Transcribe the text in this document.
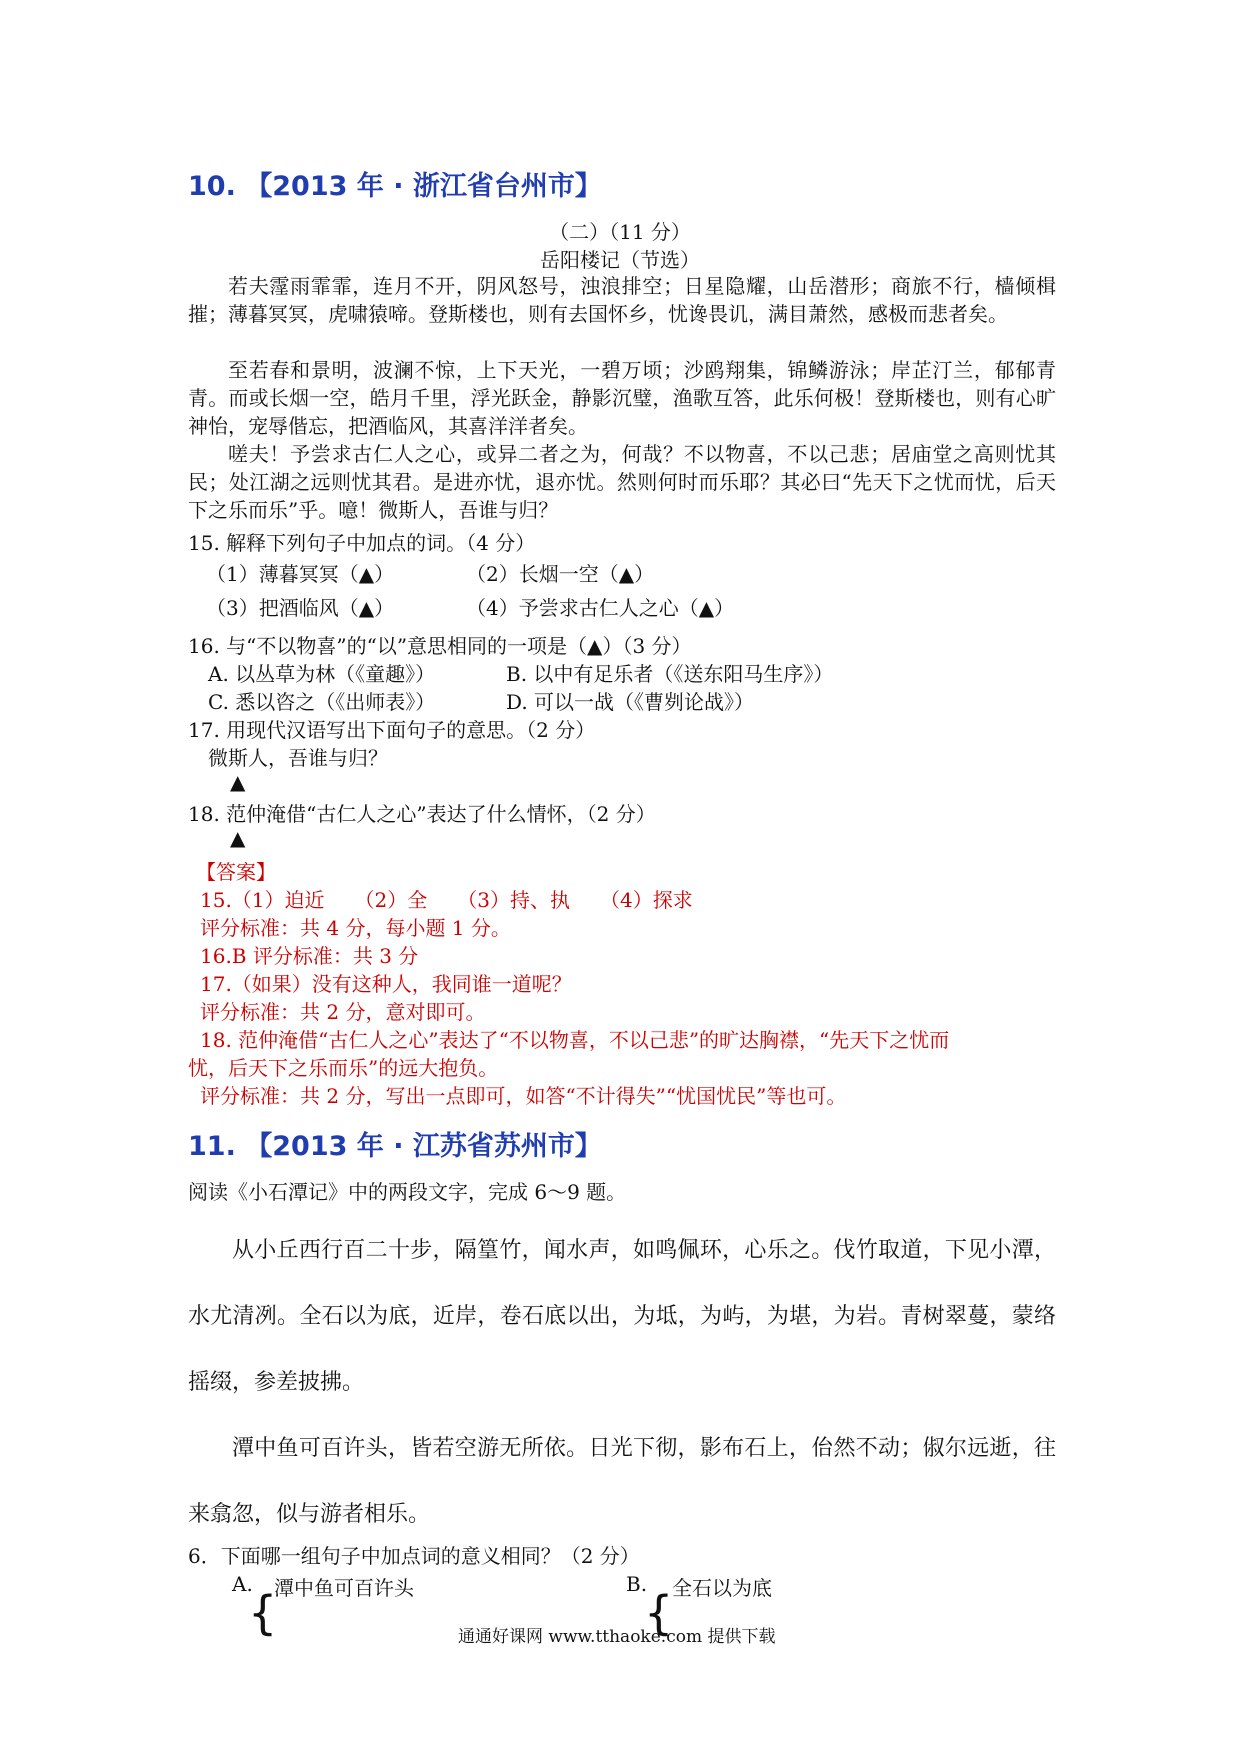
10. 【2013 年 · 浙江省台州市】
（二）（11 分）
岳阳楼记（节选）
若夫霪雨霏霏，连月不开，阴风怒号，浊浪排空；日星隐耀，山岳潜形；商旅不行，樯倾楫摧；薄暮冥冥，虎啸猿啼。登斯楼也，则有去国怀乡，忧谗畏讥，满目萧然，感极而悲者矣。
至若春和景明，波澜不惊，上下天光，一碧万顷；沙鸥翔集，锦鳞游泳；岸芷汀兰，郁郁青青。而或长烟一空，皓月千里，浮光跃金，静影沉璧，渔歌互答，此乐何极！登斯楼也，则有心旷神怡，宠辱偕忘，把酒临风，其喜洋洋者矣。
嗟夫！予尝求古仁人之心，或异二者之为，何哉？不以物喜，不以己悲；居庙堂之高则忧其民；处江湖之远则忧其君。是进亦忧，退亦忧。然则何时而乐耶？其必曰“先天下之忧而忧，后天下之乐而乐”乎。噫！微斯人，吾谁与归？
15. 解释下列句子中加点的词。（4 分）
（1）薄暮冥冥（▲）	（2）长烟一空（▲）
（3）把酒临风（▲）	（4）予尝求古仁人之心（▲）
16. 与“不以物喜”的“以”意思相同的一项是（▲）（3 分）
A. 以丛草为林（《童趣》）	B. 以中有足乐者（《送东阳马生序》）
C. 悉以咨之（《出师表》）	D. 可以一战（《曹刿论战》）
17. 用现代汉语写出下面句子的意思。（2 分）
微斯人，吾谁与归？
▲
18. 范仲淹借“古仁人之心”表达了什么情怀，（2 分）
▲
【答案】
15.（1）迫近　　（2）全　　（3）持、执　　（4）探求
评分标准：共 4 分，每小题 1 分。
16.B 评分标准：共 3 分
17.（如果）没有这种人，我同谁一道呢？
评分标准：共 2 分，意对即可。
18. 范仲淹借“古仁人之心”表达了“不以物喜，不以己悲”的旷达胸襟，“先天下之忧而
忧，后天下之乐而乐”的远大抱负。
评分标准：共 2 分，写出一点即可，如答“不计得失”“忧国忧民”等也可。
11. 【2013 年 · 江苏省苏州市】
阅读《小石潭记》中的两段文字，完成 6～9 题。
从小丘西行百二十步，隔篁竹，闻水声，如鸣佩环，心乐之。伐竹取道，下见小潭，水尤清冽。全石以为底，近岸，卷石底以出，为坻，为屿，为堪，为岩。青树翠蔓，蒙络摇缀，参差披拂。
潭中鱼可百许头，皆若空游无所依。日光下彻，影布石上，佁然不动；俶尔远逝，往来翕忽，似与游者相乐。
6．下面哪一组句子中加点词的意义相同？（2 分）
A. 潭中鱼可百许头
{
B. 全石以为底
{
通通好课网 www.tthaoke.com 提供下载
